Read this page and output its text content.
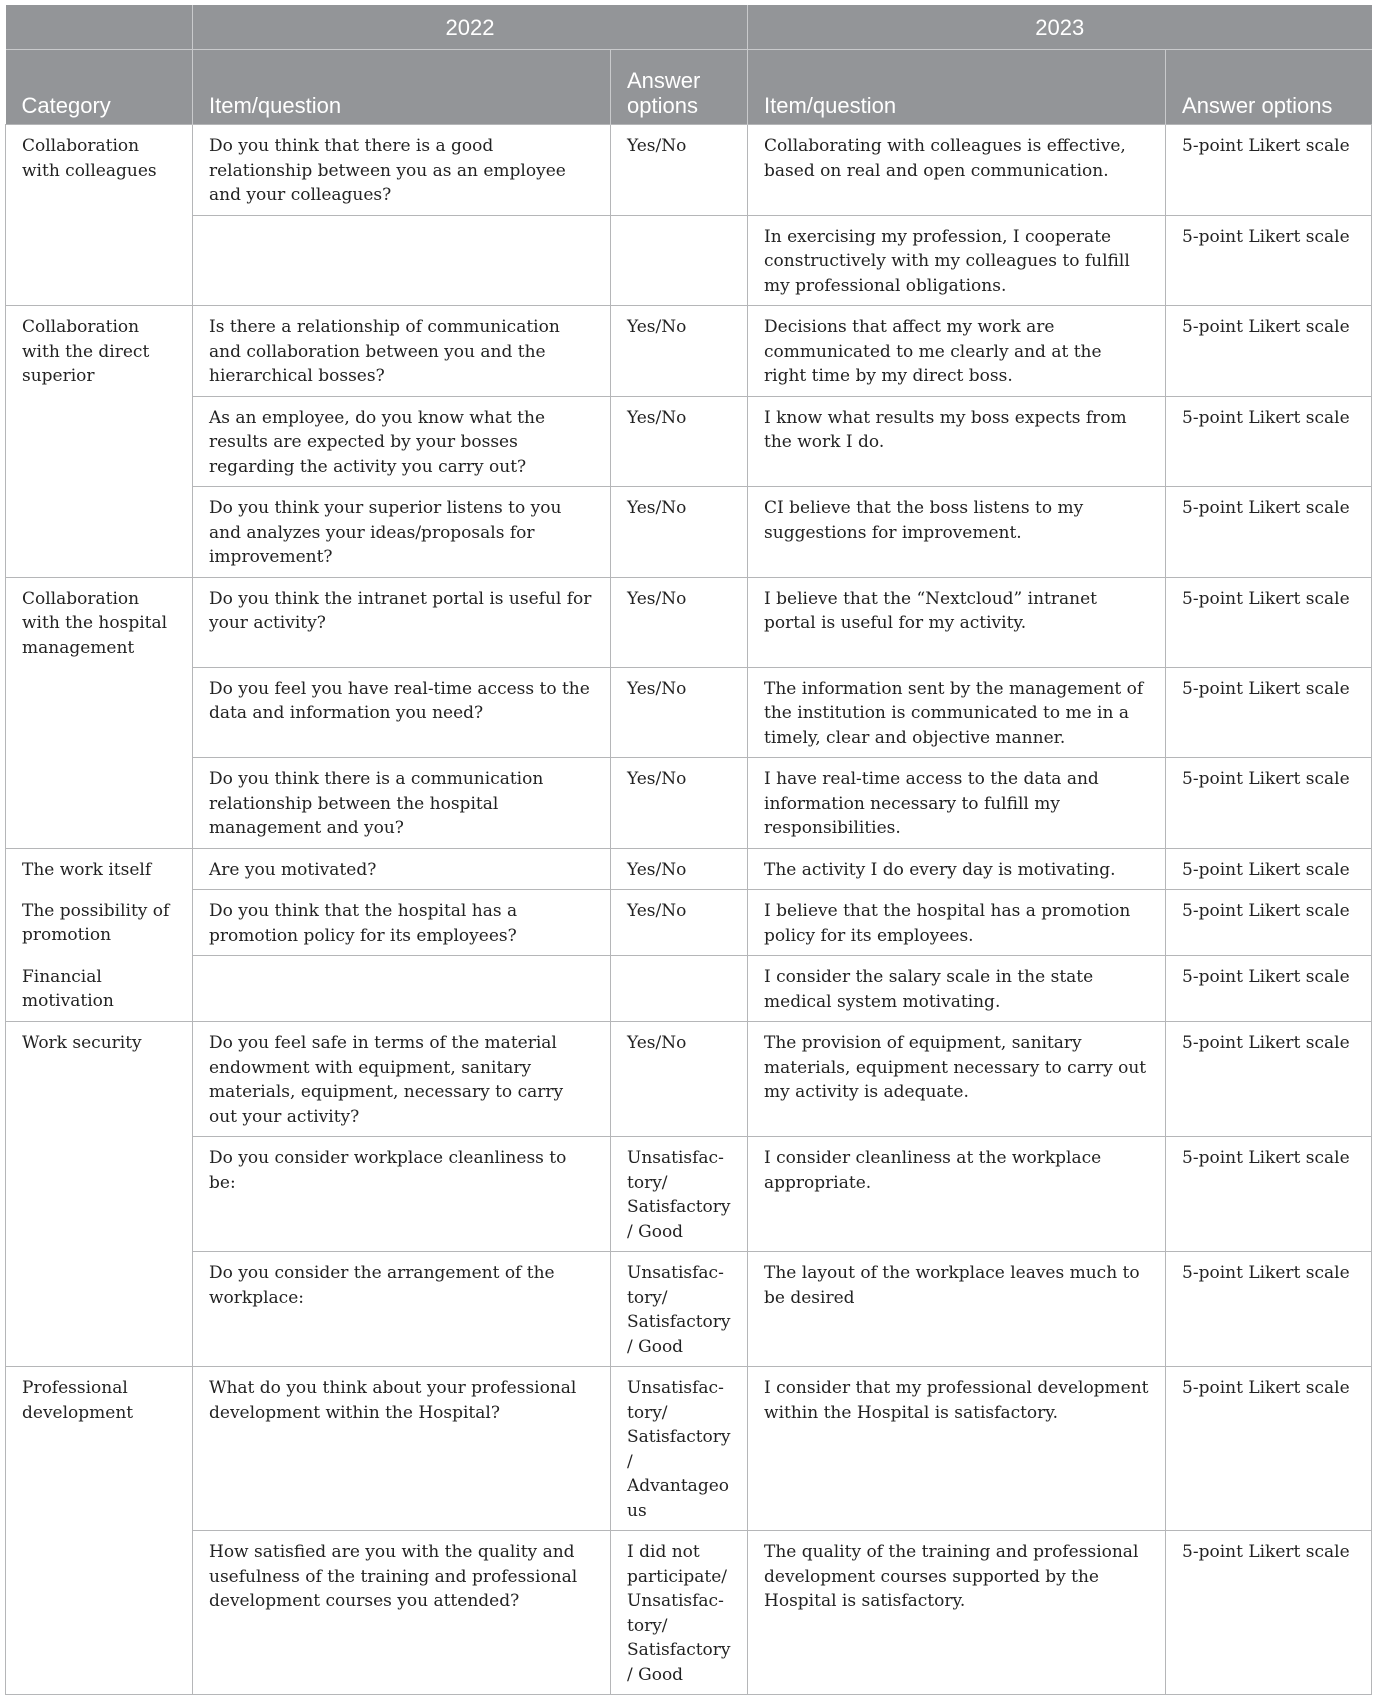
	2022		2023	
Category	Item/question	Answer options	Item/question	Answer options
Collaboration with colleagues	Do you think that there is a good relationship between you as an employee and your colleagues?	Yes/No	Collaborating with colleagues is effective, based on real and open communication.	5-point Likert scale
			In exercising my profession, I cooperate constructively with my colleagues to fulfill my professional obligations.	5-point Likert scale
Collaboration with the direct superior	Is there a relationship of communication and collaboration between you and the hierarchical bosses?	Yes/No	Decisions that affect my work are communicated to me clearly and at the right time by my direct boss.	5-point Likert scale
	As an employee, do you know what the results are expected by your bosses regarding the activity you carry out?	Yes/No	I know what results my boss expects from the work I do.	5-point Likert scale
	Do you think your superior listens to you and analyzes your ideas/proposals for improvement?	Yes/No	CI believe that the boss listens to my suggestions for improvement.	5-point Likert scale
Collaboration with the hospital management	Do you think the intranet portal is useful for your activity?	Yes/No	I believe that the “Nextcloud” intranet portal is useful for my activity.	5-point Likert scale
	Do you feel you have real-time access to the data and information you need?	Yes/No	The information sent by the management of the institution is communicated to me in a timely, clear and objective manner.	5-point Likert scale
	Do you think there is a communication relationship between the hospital management and you?	Yes/No	I have real-time access to the data and information necessary to fulfill my responsibilities.	5-point Likert scale
The work itself	Are you motivated?	Yes/No	The activity I do every day is motivating.	5-point Likert scale
The possibility of promotion	Do you think that the hospital has a promotion policy for its employees?	Yes/No	I believe that the hospital has a promotion policy for its employees.	5-point Likert scale
Financial motivation			I consider the salary scale in the state medical system motivating.	5-point Likert scale
Work security	Do you feel safe in terms of the material endowment with equipment, sanitary materials, equipment, necessary to carry out your activity?	Yes/No	The provision of equipment, sanitary materials, equipment necessary to carry out my activity is adequate.	5-point Likert scale
	Do you consider workplace cleanliness to be:	Unsatisfac-tory/ Satisfactory/ Good	I consider cleanliness at the workplace appropriate.	5-point Likert scale
	Do you consider the arrangement of the workplace:	Unsatisfac-tory/ Satisfactory/ Good	The layout of the workplace leaves much to be desired	5-point Likert scale
Professional development	What do you think about your professional development within the Hospital?	Unsatisfac-tory/ Satisfactory/ Advantageous	I consider that my professional development within the Hospital is satisfactory.	5-point Likert scale
	How satisfied are you with the quality and usefulness of the training and professional development courses you attended?	I did not participate/ Unsatisfac-tory/ Satisfactory/ Good	The quality of the training and professional development courses supported by the Hospital is satisfactory.	5-point Likert scale
